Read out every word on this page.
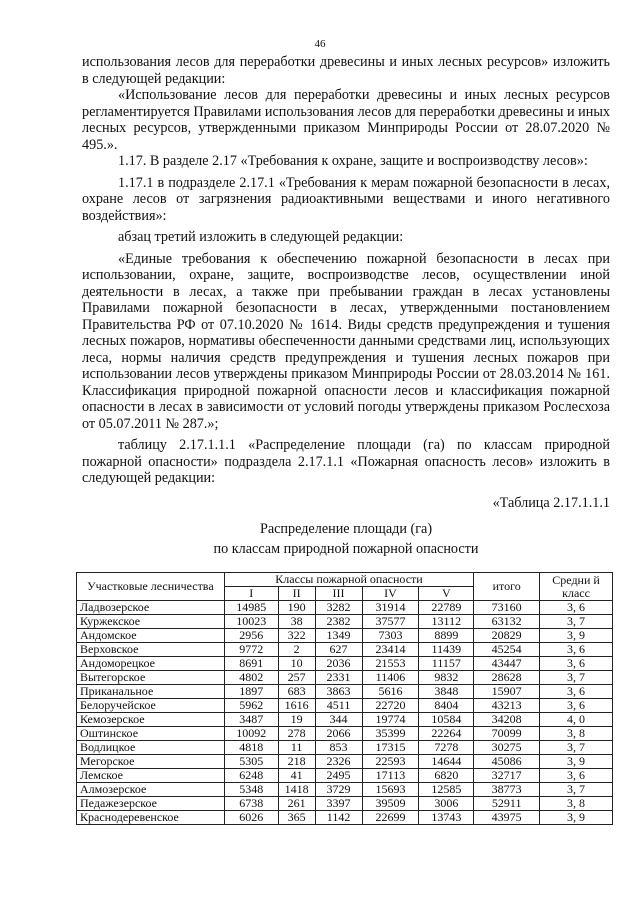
46

использования лесов для переработки древесины и иных лесных ресурсов» изложить в следующей редакции:

«Использование лесов для переработки древесины и иных лесных ресурсов регламентируется Правилами использования лесов для переработки древесины и иных лесных ресурсов, утвержденными приказом Минприроды России от 28.07.2020 № 495.».

1.17. В разделе 2.17 «Требования к охране, защите и воспроизводству лесов»:

1.17.1 в подразделе 2.17.1 «Требования к мерам пожарной безопасности в лесах, охране лесов от загрязнения радиоактивными веществами и иного негативного воздействия»:

абзац третий изложить в следующей редакции:

«Единые требования к обеспечению пожарной безопасности в лесах при использовании, охране, защите, воспроизводстве лесов, осуществлении иной деятельности в лесах, а также при пребывании граждан в лесах установлены Правилами пожарной безопасности в лесах, утвержденными постановлением Правительства РФ от 07.10.2020 № 1614. Виды средств предупреждения и тушения лесных пожаров, нормативы обеспеченности данными средствами лиц, использующих леса, нормы наличия средств предупреждения и тушения лесных пожаров при использовании лесов утверждены приказом Минприроды России от 28.03.2014 № 161. Классификация природной пожарной опасности лесов и классификация пожарной опасности в лесах в зависимости от условий погоды утверждены приказом Рослесхоза от 05.07.2011 № 287.»;

таблицу 2.17.1.1.1 «Распределение площади (га) по классам природной пожарной опасности» подраздела 2.17.1.1 «Пожарная опасность лесов» изложить в следующей редакции:

«Таблица 2.17.1.1.1

Распределение площади (га)

по классам природной пожарной опасности

Участковые лесничества	Классы пожарной опасности					итого	Средни й класс
	I	II	III	IV	V		
Ладвозерское	14985	190	3282	31914	22789	73160	3, 6
Куржекское	10023	38	2382	37577	13112	63132	3, 7
Андомское	2956	322	1349	7303	8899	20829	3, 9
Верховское	9772	2	627	23414	11439	45254	3, 6
Андоморецкое	8691	10	2036	21553	11157	43447	3, 6
Вытегорское	4802	257	2331	11406	9832	28628	3, 7
Приканальное	1897	683	3863	5616	3848	15907	3, 6
Белоручейское	5962	1616	4511	22720	8404	43213	3, 6
Кемозерское	3487	19	344	19774	10584	34208	4, 0
Оштинское	10092	278	2066	35399	22264	70099	3, 8
Водлицкое	4818	11	853	17315	7278	30275	3, 7
Мегорское	5305	218	2326	22593	14644	45086	3, 9
Лемское	6248	41	2495	17113	6820	32717	3, 6
Алмозерское	5348	1418	3729	15693	12585	38773	3, 7
Педажезерское	6738	261	3397	39509	3006	52911	3, 8
Краснодеревенское	6026	365	1142	22699	13743	43975	3, 9
